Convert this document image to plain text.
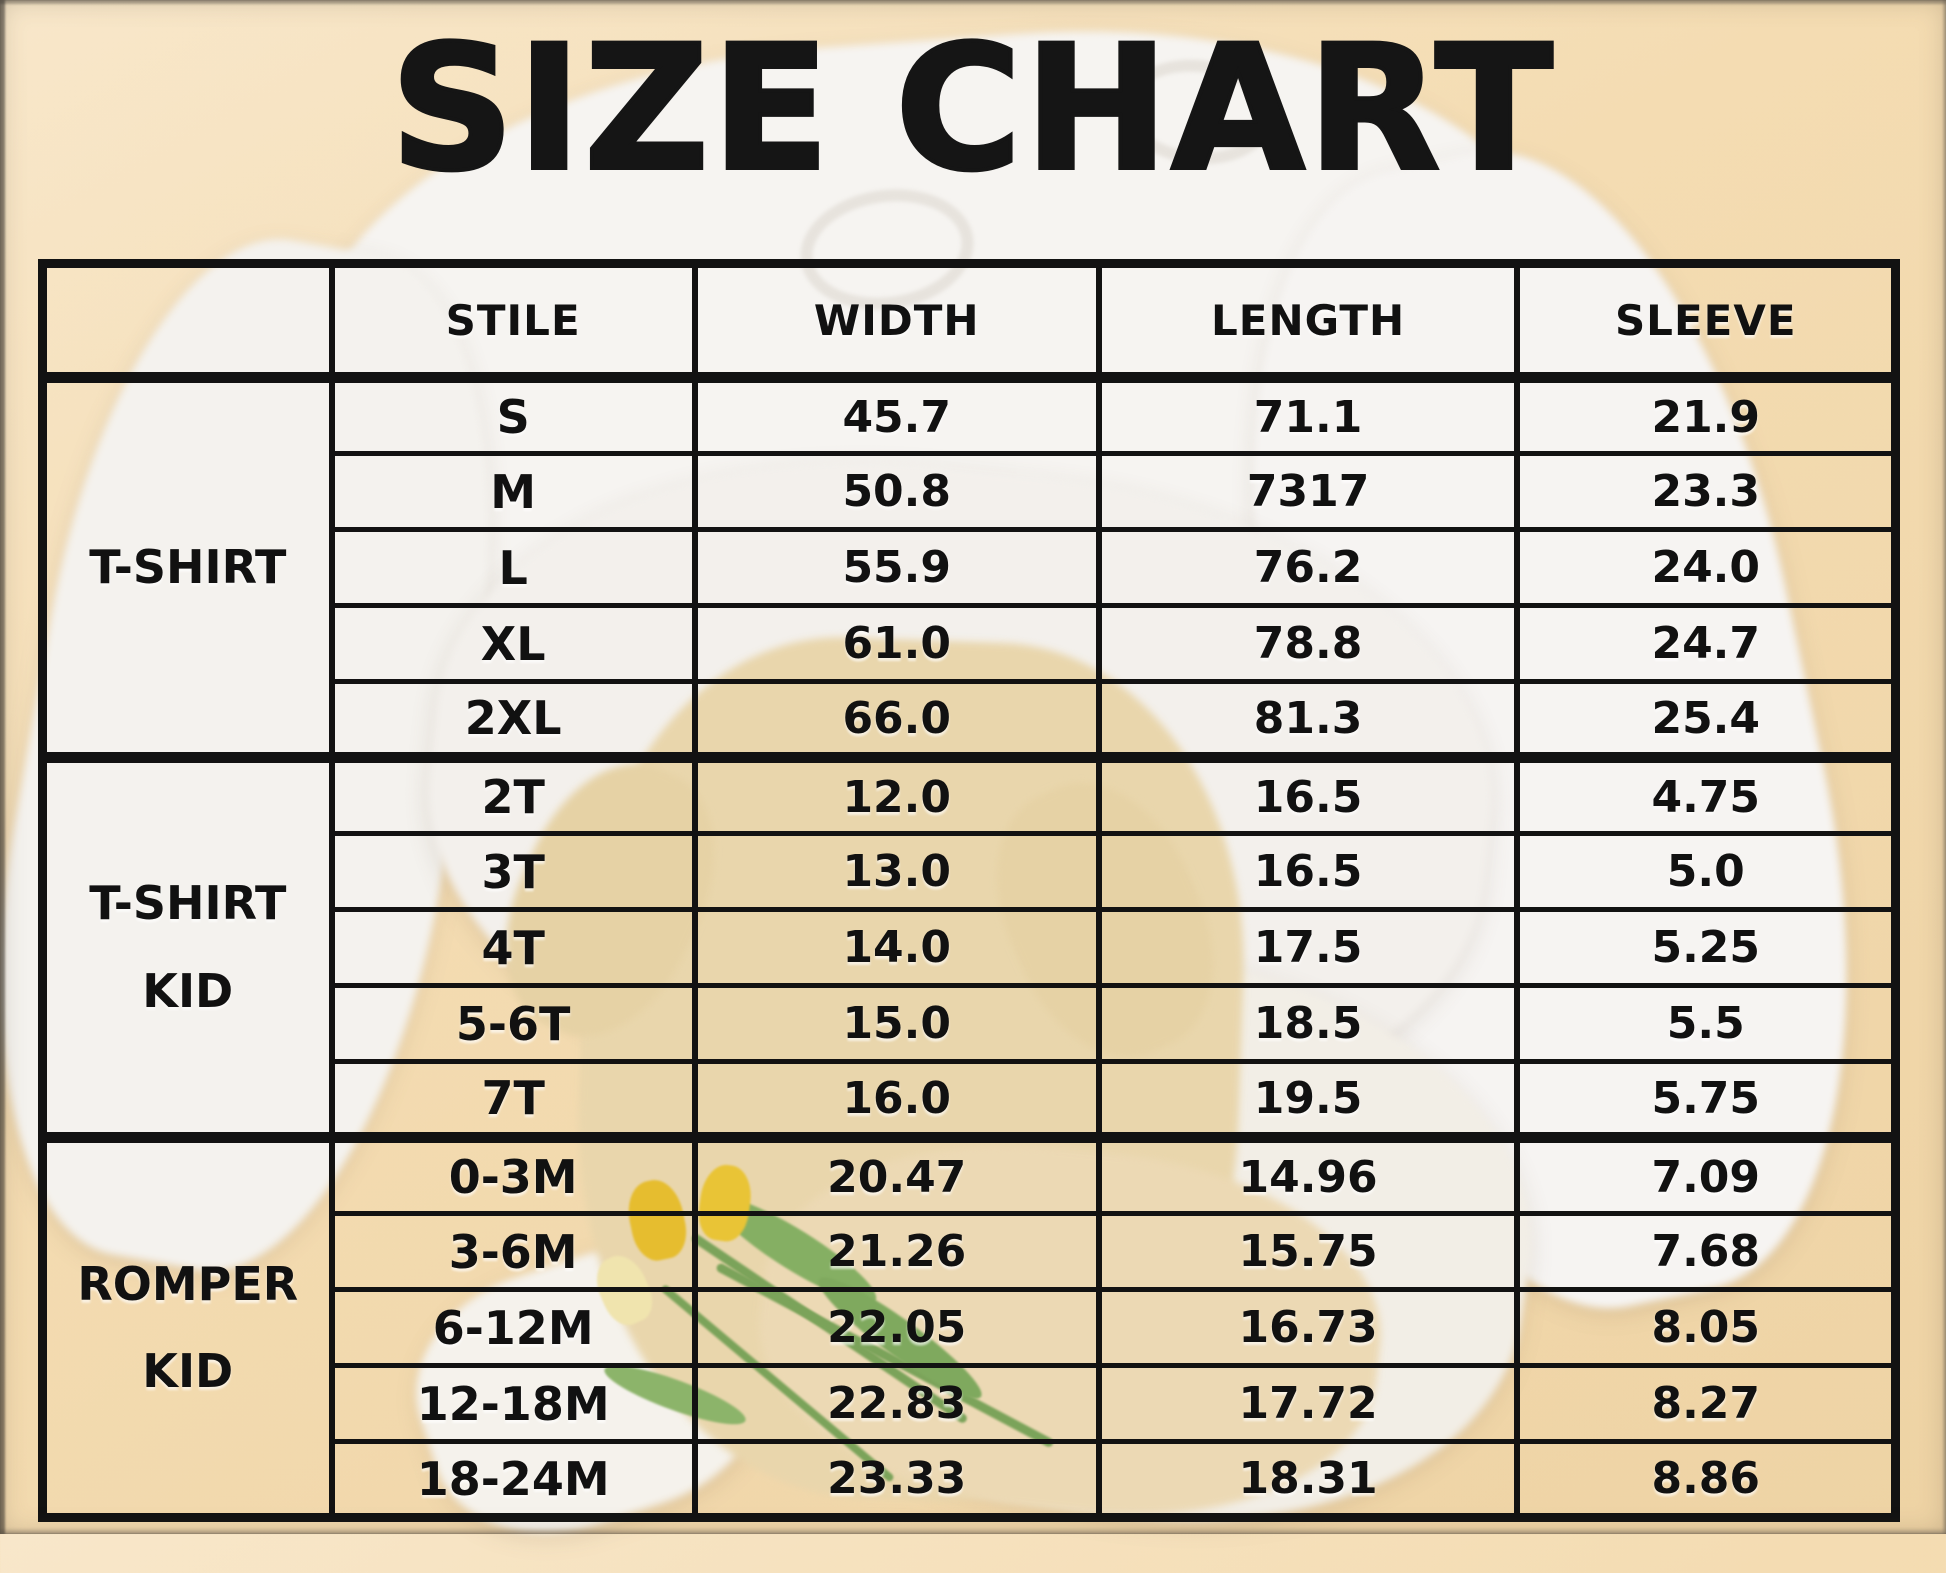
SIZE CHART
	STILE	WIDTH	LENGTH	SLEEVE
T-SHIRT	S	45.7	71.1	21.9
	M	50.8	7317	23.3
	L	55.9	76.2	24.0
	XL	61.0	78.8	24.7
	2XL	66.0	81.3	25.4
T-SHIRT KID	2T	12.0	16.5	4.75
	3T	13.0	16.5	5.0
	4T	14.0	17.5	5.25
	5-6T	15.0	18.5	5.5
	7T	16.0	19.5	5.75
ROMPER KID	0-3M	20.47	14.96	7.09
	3-6M	21.26	15.75	7.68
	6-12M	22.05	16.73	8.05
	12-18M	22.83	17.72	8.27
	18-24M	23.33	18.31	8.86
